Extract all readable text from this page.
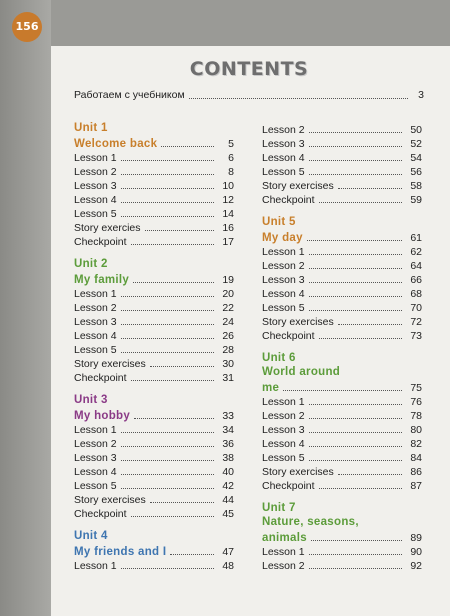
156
CONTENTS
Работаем с учебником	3
Unit 1
Welcome back	5
Lesson 1	6
Lesson 2	8
Lesson 3	10
Lesson 4	12
Lesson 5	14
Story exercies	16
Checkpoint	17
Unit 2
My family	19
Lesson 1	20
Lesson 2	22
Lesson 3	24
Lesson 4	26
Lesson 5	28
Story exercises	30
Checkpoint	31
Unit 3
My hobby	33
Lesson 1	34
Lesson 2	36
Lesson 3	38
Lesson 4	40
Lesson 5	42
Story exercises	44
Checkpoint	45
Unit 4
My friends and I	47
Lesson 1	48
Lesson 2	50
Lesson 3	52
Lesson 4	54
Lesson 5	56
Story exercises	58
Checkpoint	59
Unit 5
My day	61
Lesson 1	62
Lesson 2	64
Lesson 3	66
Lesson 4	68
Lesson 5	70
Story exercises	72
Checkpoint	73
Unit 6
World around
me	75
Lesson 1	76
Lesson 2	78
Lesson 3	80
Lesson 4	82
Lesson 5	84
Story exercises	86
Checkpoint	87
Unit 7
Nature, seasons,
animals	89
Lesson 1	90
Lesson 2	92
